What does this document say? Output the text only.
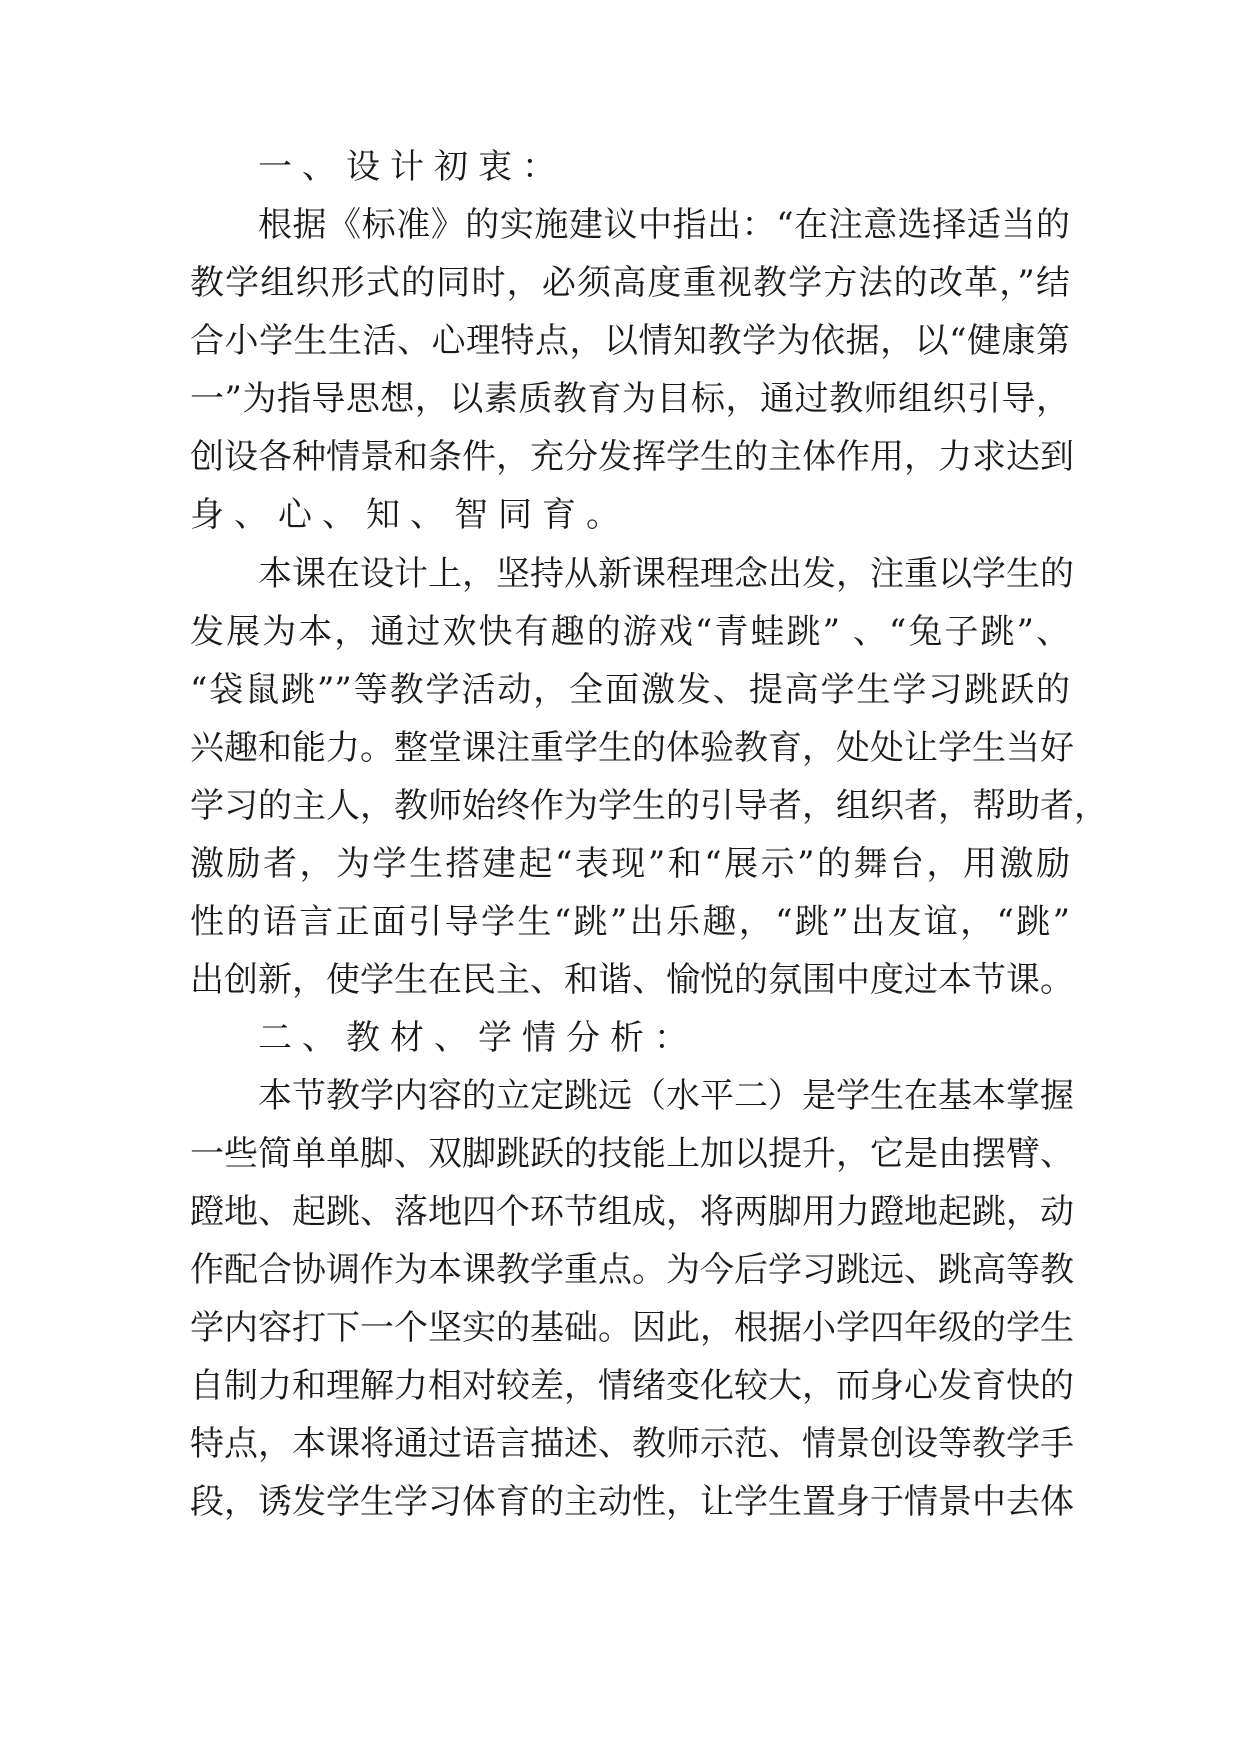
一、设计初衷：
根据《标准》的实施建议中指出：“在注意选择适当的
教学组织形式的同时，必须高度重视教学方法的改革，”结
合小学生生活、心理特点，以情知教学为依据，以“健康第
一”为指导思想，以素质教育为目标，通过教师组织引导，
创设各种情景和条件，充分发挥学生的主体作用，力求达到
身、心、知、智同育。
本课在设计上，坚持从新课程理念出发，注重以学生的
发展为本，通过欢快有趣的游戏“青蛙跳” 、“兔子跳”、
“袋鼠跳””等教学活动，全面激发、提高学生学习跳跃的
兴趣和能力。整堂课注重学生的体验教育，处处让学生当好
学习的主人，教师始终作为学生的引导者，组织者，帮助者，
激励者，为学生搭建起“表现”和“展示”的舞台，用激励
性的语言正面引导学生“跳”出乐趣，“跳”出友谊，“跳”
出创新，使学生在民主、和谐、愉悦的氛围中度过本节课。
二、教材、学情分析：
本节教学内容的立定跳远（水平二）是学生在基本掌握
一些简单单脚、双脚跳跃的技能上加以提升，它是由摆臂、
蹬地、起跳、落地四个环节组成，将两脚用力蹬地起跳，动
作配合协调作为本课教学重点。为今后学习跳远、跳高等教
学内容打下一个坚实的基础。因此，根据小学四年级的学生
自制力和理解力相对较差，情绪变化较大，而身心发育快的
特点，本课将通过语言描述、教师示范、情景创设等教学手
段，诱发学生学习体育的主动性，让学生置身于情景中去体
